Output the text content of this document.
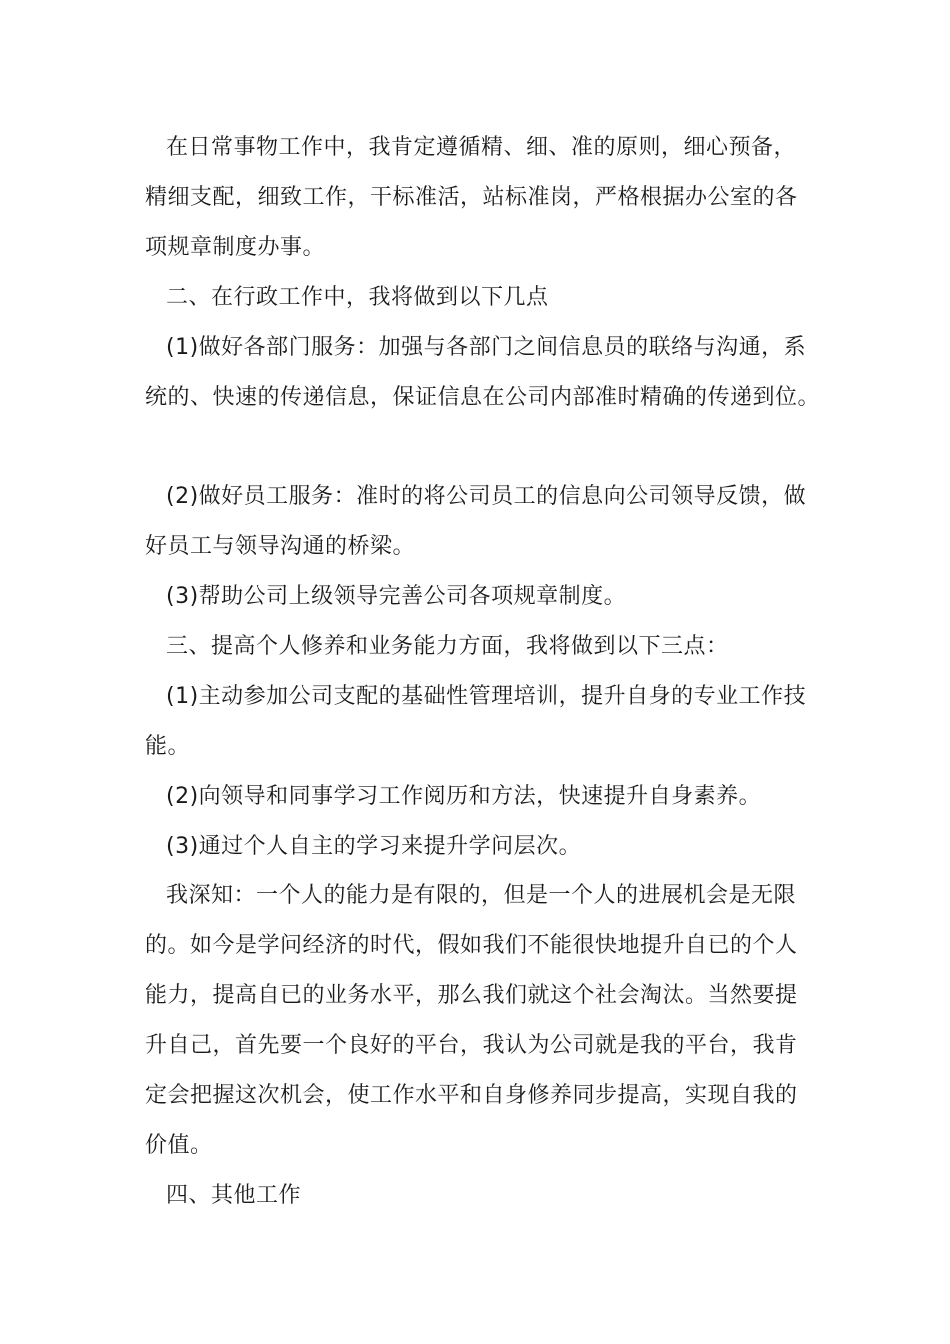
在日常事物工作中，我肯定遵循精、细、准的原则，细心预备，
精细支配，细致工作，干标准活，站标准岗，严格根据办公室的各
项规章制度办事。
二、在行政工作中，我将做到以下几点
(1)做好各部门服务：加强与各部门之间信息员的联络与沟通，系
统的、快速的传递信息，保证信息在公司内部准时精确的传递到位。
(2)做好员工服务：准时的将公司员工的信息向公司领导反馈，做
好员工与领导沟通的桥梁。
(3)帮助公司上级领导完善公司各项规章制度。
三、提高个人修养和业务能力方面，我将做到以下三点：
(1)主动参加公司支配的基础性管理培训，提升自身的专业工作技
能。
(2)向领导和同事学习工作阅历和方法，快速提升自身素养。
(3)通过个人自主的学习来提升学问层次。
我深知：一个人的能力是有限的，但是一个人的进展机会是无限
的。如今是学问经济的时代，假如我们不能很快地提升自已的个人
能力，提高自已的业务水平，那么我们就这个社会淘汰。当然要提
升自己，首先要一个良好的平台，我认为公司就是我的平台，我肯
定会把握这次机会，使工作水平和自身修养同步提高，实现自我的
价值。
四、其他工作
